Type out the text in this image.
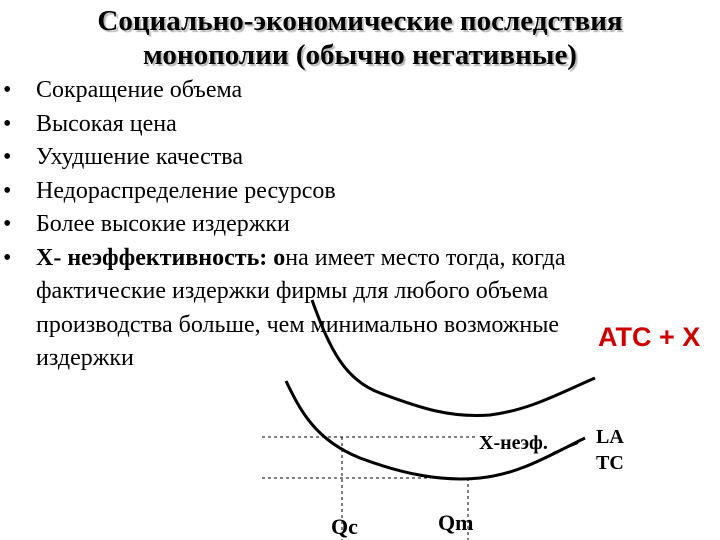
Социально-экономические последствия
монополии (обычно негативные)
• Сокращение объема
• Высокая цена
• Ухудшение качества
• Недораспределение ресурсов
• Более высокие издержки
• Х- неэффективность: она имеет место тогда, когда
фактические издержки фирмы для любого объема
производства больше, чем минимально возможные
издержки
ATC + X
Х-неэф. LA
TC
Qc	Qm
